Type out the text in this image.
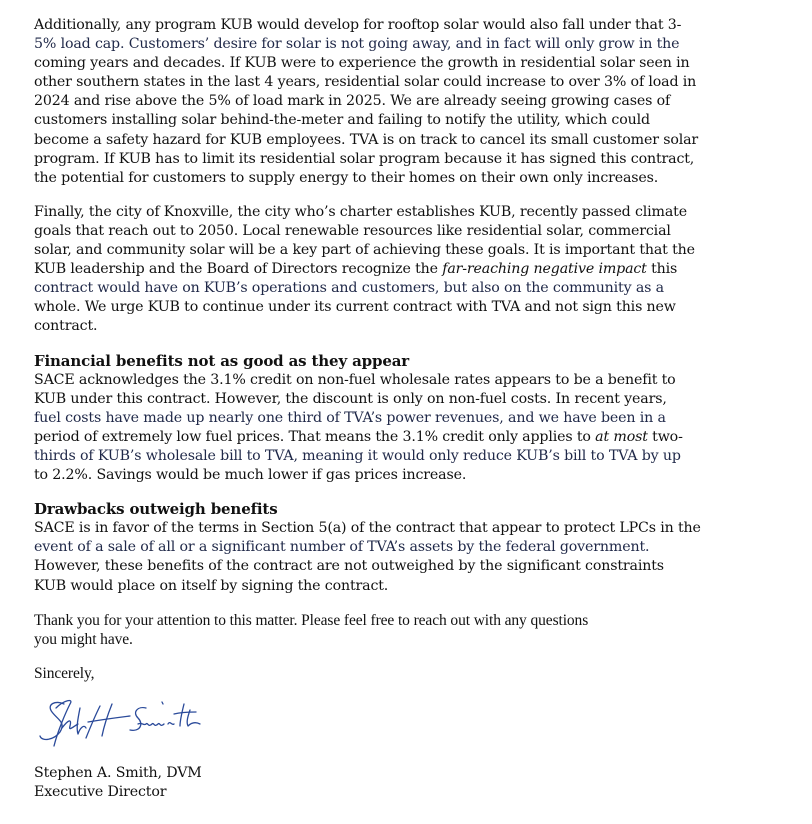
Additionally, any program KUB would develop for rooftop solar would also fall under that 3-
5% load cap. Customers’ desire for solar is not going away, and in fact will only grow in the
coming years and decades. If KUB were to experience the growth in residential solar seen in
other southern states in the last 4 years, residential solar could increase to over 3% of load in
2024 and rise above the 5% of load mark in 2025. We are already seeing growing cases of
customers installing solar behind-the-meter and failing to notify the utility, which could
become a safety hazard for KUB employees. TVA is on track to cancel its small customer solar
program. If KUB has to limit its residential solar program because it has signed this contract,
the potential for customers to supply energy to their homes on their own only increases.
Finally, the city of Knoxville, the city who’s charter establishes KUB, recently passed climate
goals that reach out to 2050. Local renewable resources like residential solar, commercial
solar, and community solar will be a key part of achieving these goals. It is important that the
KUB leadership and the Board of Directors recognize the far-reaching negative impact this
contract would have on KUB’s operations and customers, but also on the community as a
whole. We urge KUB to continue under its current contract with TVA and not sign this new
contract.
Financial benefits not as good as they appear
SACE acknowledges the 3.1% credit on non-fuel wholesale rates appears to be a benefit to
KUB under this contract. However, the discount is only on non-fuel costs. In recent years,
fuel costs have made up nearly one third of TVA’s power revenues, and we have been in a
period of extremely low fuel prices. That means the 3.1% credit only applies to at most two-
thirds of KUB’s wholesale bill to TVA, meaning it would only reduce KUB’s bill to TVA by up
to 2.2%. Savings would be much lower if gas prices increase.
Drawbacks outweigh benefits
SACE is in favor of the terms in Section 5(a) of the contract that appear to protect LPCs in the
event of a sale of all or a significant number of TVA’s assets by the federal government.
However, these benefits of the contract are not outweighed by the significant constraints
KUB would place on itself by signing the contract.
Thank you for your attention to this matter. Please feel free to reach out with any questions
you might have.
Sincerely,
Stephen A. Smith, DVM
Executive Director
